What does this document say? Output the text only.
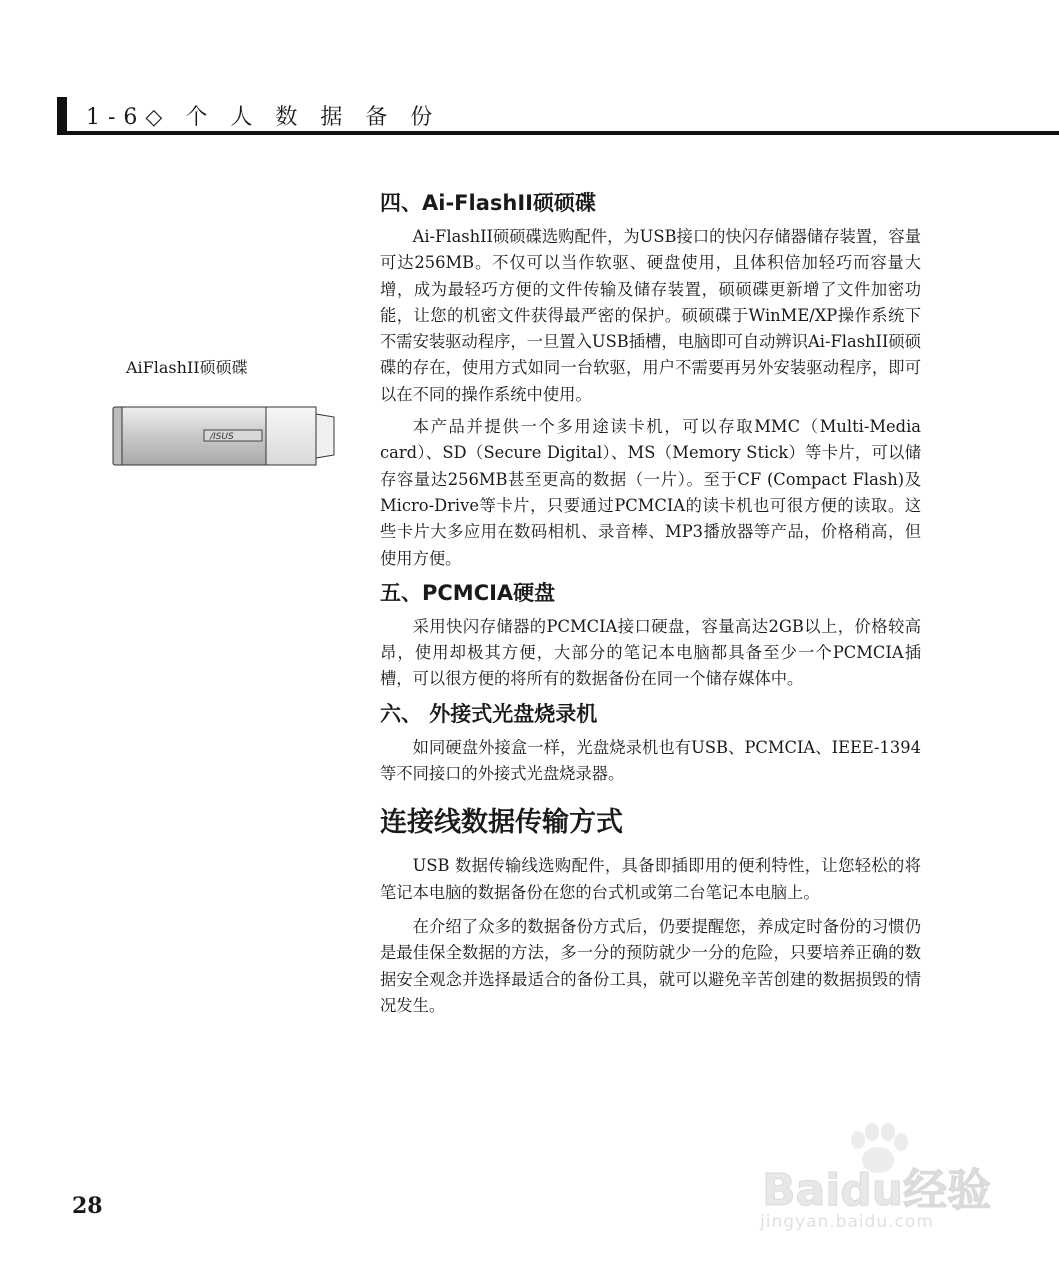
1-6◇ 个 人 数 据 备 份
AiFlashII硕硕碟
/ISUS
四、Ai-FlashII硕硕碟

Ai-FlashII硕硕碟选购配件，为USB接口的快闪存储器储存装置，容量可达256MB。不仅可以当作软驱、硬盘使用，且体积倍加轻巧而容量大增，成为最轻巧方便的文件传输及储存装置，硕硕碟更新增了文件加密功能，让您的机密文件获得最严密的保护。硕硕碟于WinME/XP操作系统下不需安装驱动程序，一旦置入USB插槽，电脑即可自动辨识Ai-FlashII硕硕碟的存在，使用方式如同一台软驱，用户不需要再另外安装驱动程序，即可以在不同的操作系统中使用。

本产品并提供一个多用途读卡机，可以存取MMC（Multi-Media card）、SD（Secure Digital）、MS（Memory Stick）等卡片，可以储存容量达256MB甚至更高的数据（一片）。至于CF (Compact Flash)及Micro-Drive等卡片，只要通过PCMCIA的读卡机也可很方便的读取。这些卡片大多应用在数码相机、录音棒、MP3播放器等产品，价格稍高，但使用方便。

五、PCMCIA硬盘

采用快闪存储器的PCMCIA接口硬盘，容量高达2GB以上，价格较高昂，使用却极其方便，大部分的笔记本电脑都具备至少一个PCMCIA插槽，可以很方便的将所有的数据备份在同一个储存媒体中。

六、 外接式光盘烧录机

如同硬盘外接盒一样，光盘烧录机也有USB、PCMCIA、IEEE-1394等不同接口的外接式光盘烧录器。

连接线数据传输方式

USB 数据传输线选购配件，具备即插即用的便利特性，让您轻松的将笔记本电脑的数据备份在您的台式机或第二台笔记本电脑上。

在介绍了众多的数据备份方式后，仍要提醒您，养成定时备份的习惯仍是最佳保全数据的方法，多一分的预防就少一分的危险，只要培养正确的数据安全观念并选择最适合的备份工具，就可以避免辛苦创建的数据损毁的情况发生。

28	Baidu经验
jingyan.baidu.com
